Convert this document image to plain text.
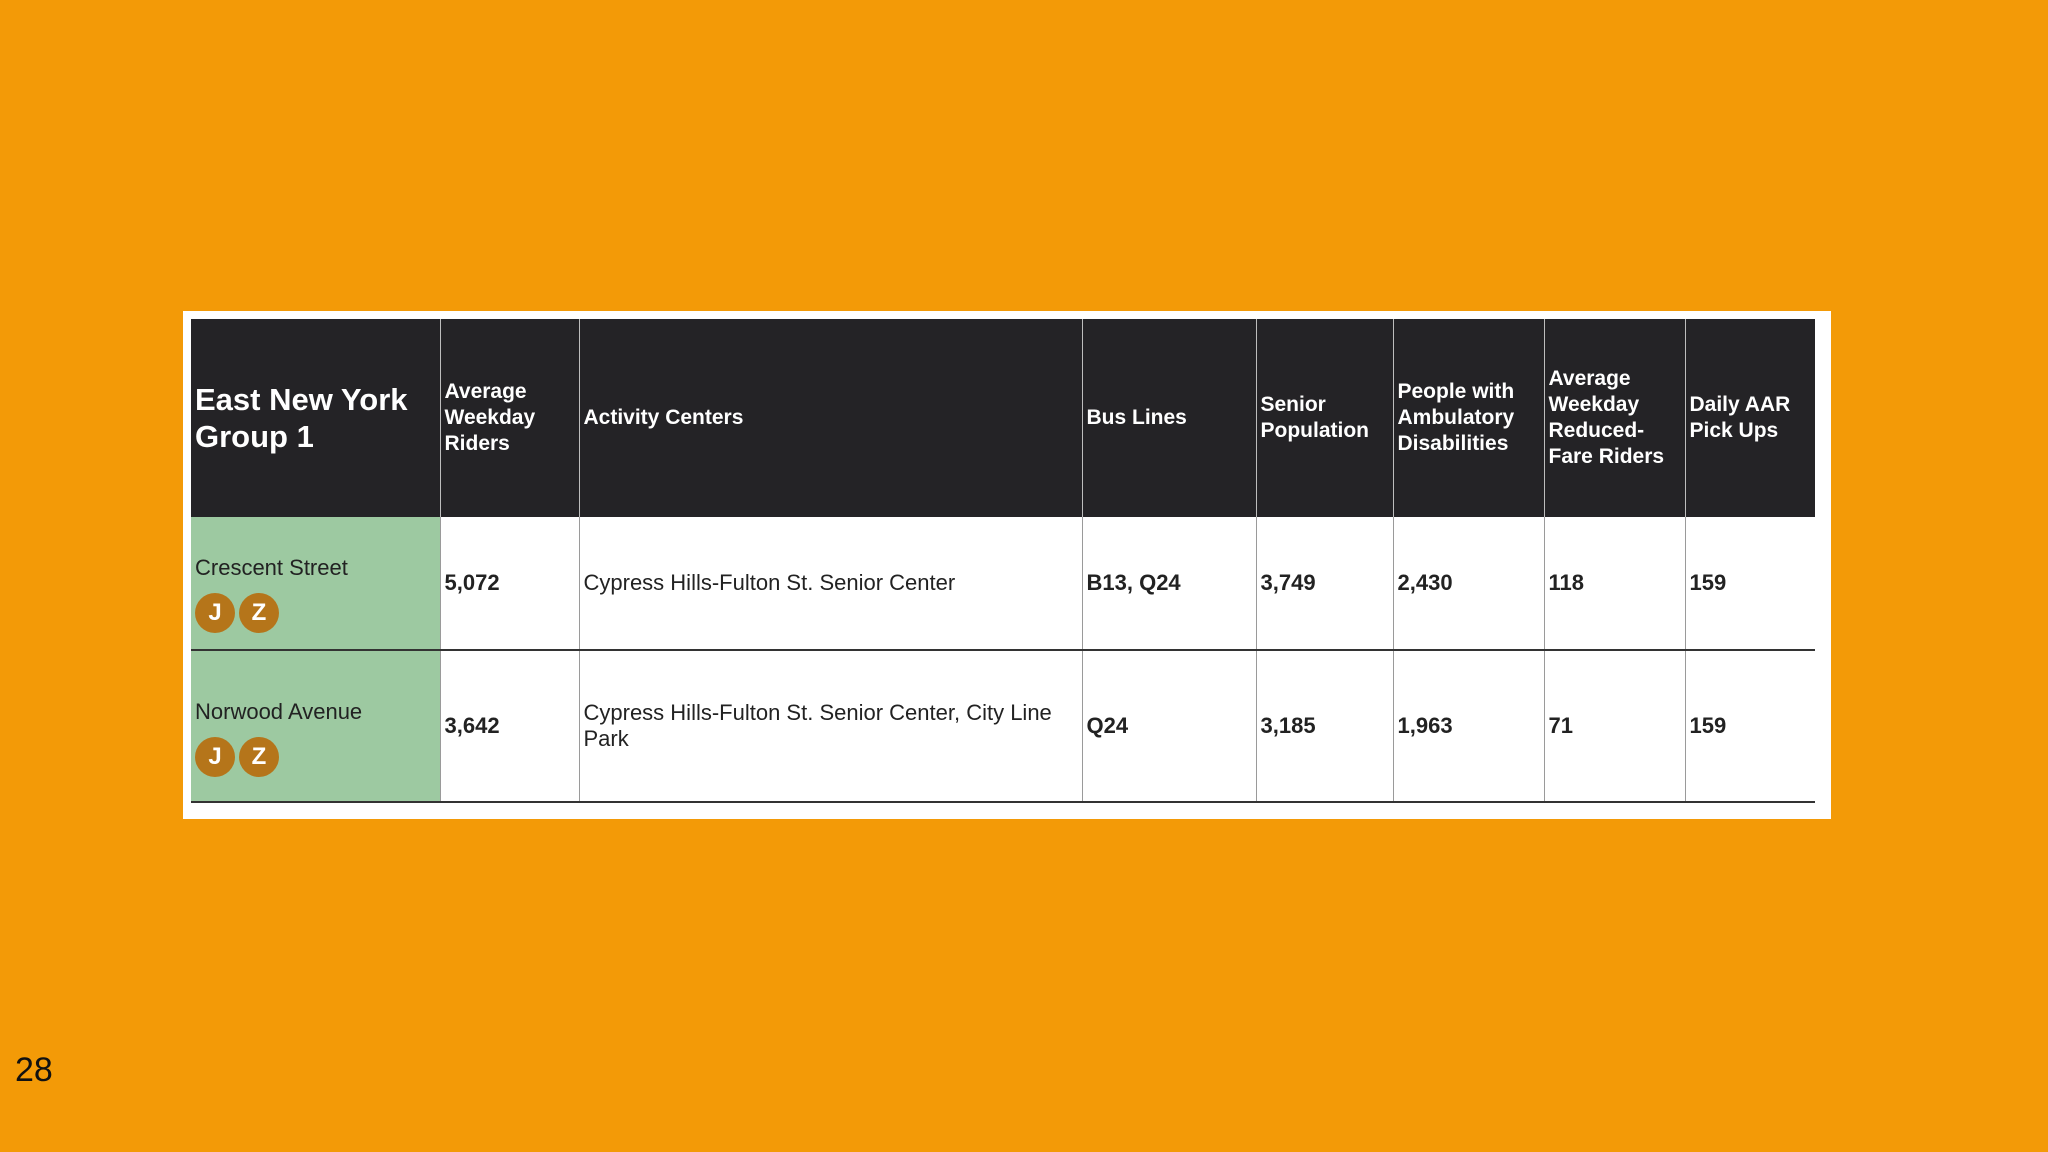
East New York Group 1	Average Weekday Riders	Activity Centers	Bus Lines	Senior Population	People with Ambulatory Disabilities	Average Weekday Reduced-Fare Riders	Daily AAR Pick Ups

Crescent Street
J Z	5,072	Cypress Hills-Fulton St. Senior Center	B13, Q24	3,749	2,430	118	159

Norwood Avenue
J Z	3,642	Cypress Hills-Fulton St. Senior Center, City Line Park	Q24	3,185	1,963	71	159
28
